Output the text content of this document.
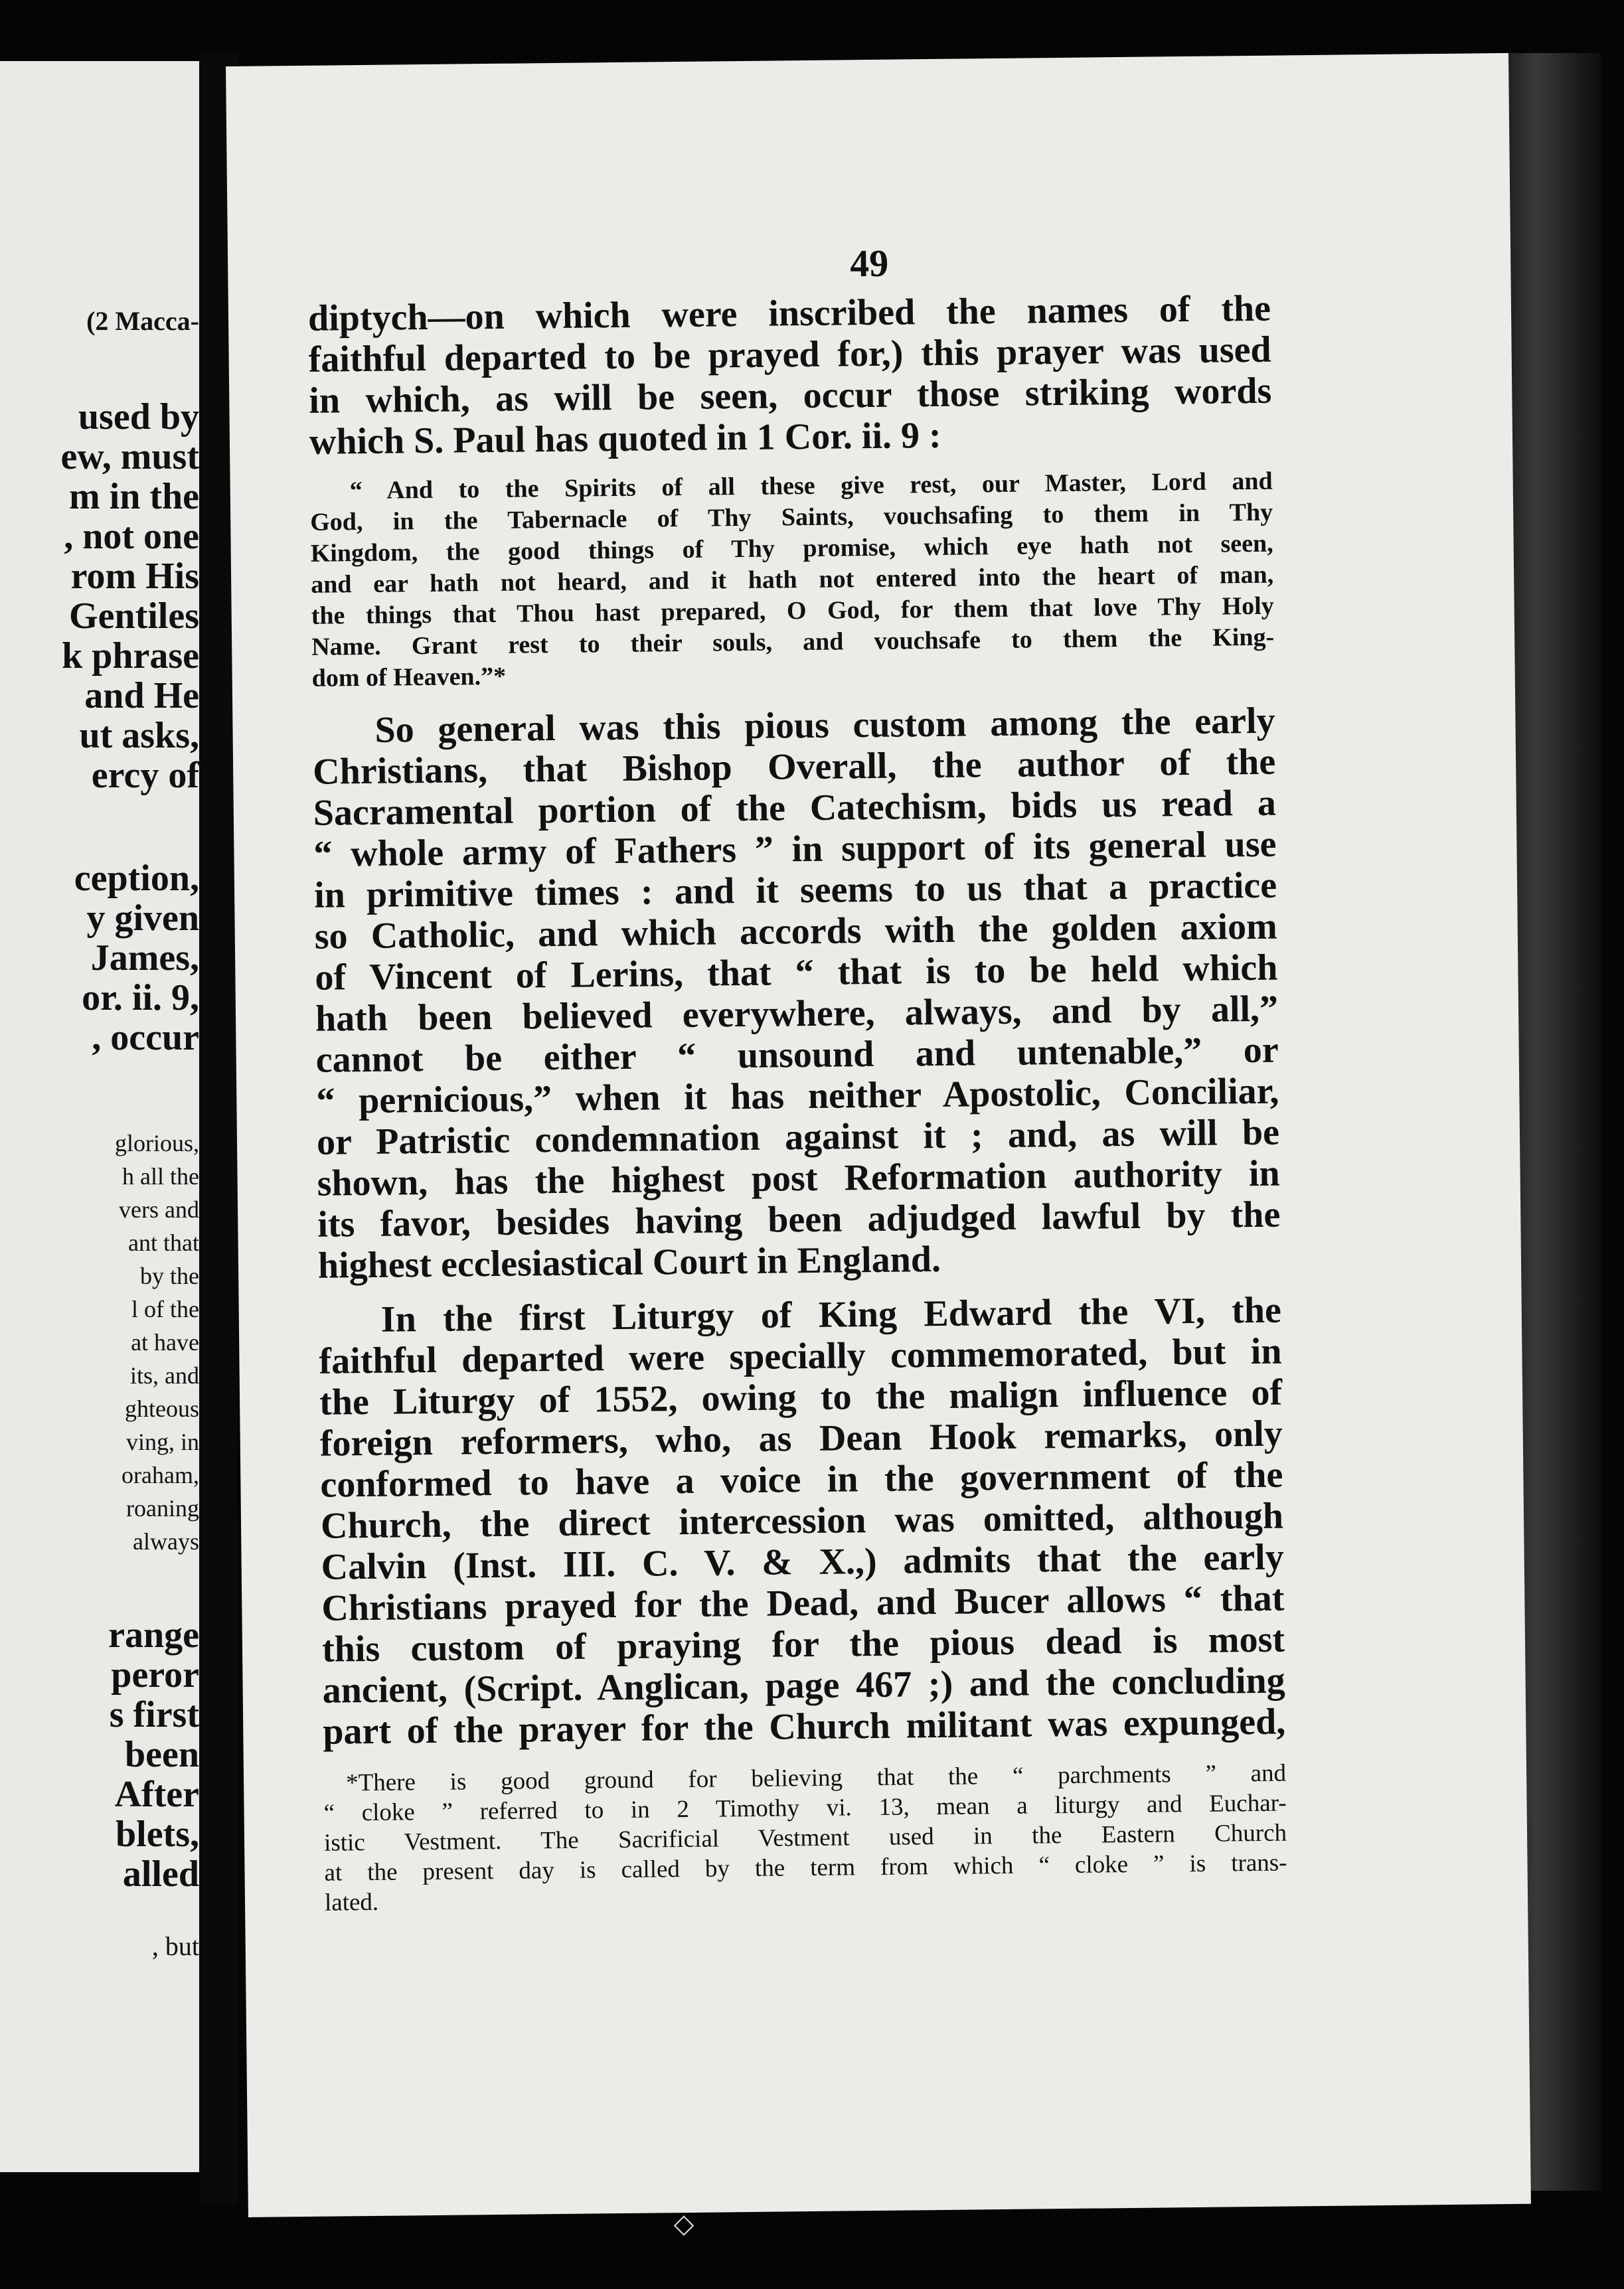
(2 Macca-
used by
ew, must
m in the
, not one
rom His
Gentiles
k phrase
and He
ut asks,
ercy of
ception,
y given
James,
or. ii. 9,
, occur
glorious,
h all the
vers and
ant that
by the
l of the
at have
its, and
ghteous
ving, in
oraham,
roaning
always
range
peror
s first
been
After
blets,
alled
, but
49
diptych—on which were inscribed the names of the
faithful departed to be prayed for,) this prayer was used
in which, as will be seen, occur those striking words
which S. Paul has quoted in 1 Cor. ii. 9 :
“ And to the Spirits of all these give rest, our Master, Lord and
God, in the Tabernacle of Thy Saints, vouchsafing to them in Thy
Kingdom, the good things of Thy promise, which eye hath not seen,
and ear hath not heard, and it hath not entered into the heart of man,
the things that Thou hast prepared, O God, for them that love Thy Holy
Name. Grant rest to their souls, and vouchsafe to them the King-
dom of Heaven.”*
So general was this pious custom among the early
Christians, that Bishop Overall, the author of the
Sacramental portion of the Catechism, bids us read a
“ whole army of Fathers ” in support of its general use
in primitive times : and it seems to us that a practice
so Catholic, and which accords with the golden axiom
of Vincent of Lerins, that “ that is to be held which
hath been believed everywhere, always, and by all,”
cannot be either “ unsound and untenable,” or
“ pernicious,” when it has neither Apostolic, Conciliar,
or Patristic condemnation against it ; and, as will be
shown, has the highest post Reformation authority in
its favor, besides having been adjudged lawful by the
highest ecclesiastical Court in England.
In the first Liturgy of King Edward the VI, the
faithful departed were specially commemorated, but in
the Liturgy of 1552, owing to the malign influence of
foreign reformers, who, as Dean Hook remarks, only
conformed to have a voice in the government of the
Church, the direct intercession was omitted, although
Calvin (Inst. III. C. V. & X.,) admits that the early
Christians prayed for the Dead, and Bucer allows “ that
this custom of praying for the pious dead is most
ancient, (Script. Anglican, page 467 ;) and the concluding
part of the prayer for the Church militant was expunged,
*There is good ground for believing that the “ parchments ” and
“ cloke ” referred to in 2 Timothy vi. 13, mean a liturgy and Euchar-
istic Vestment. The Sacrificial Vestment used in the Eastern Church
at the present day is called by the term from which “ cloke ” is trans-
lated.
◇
